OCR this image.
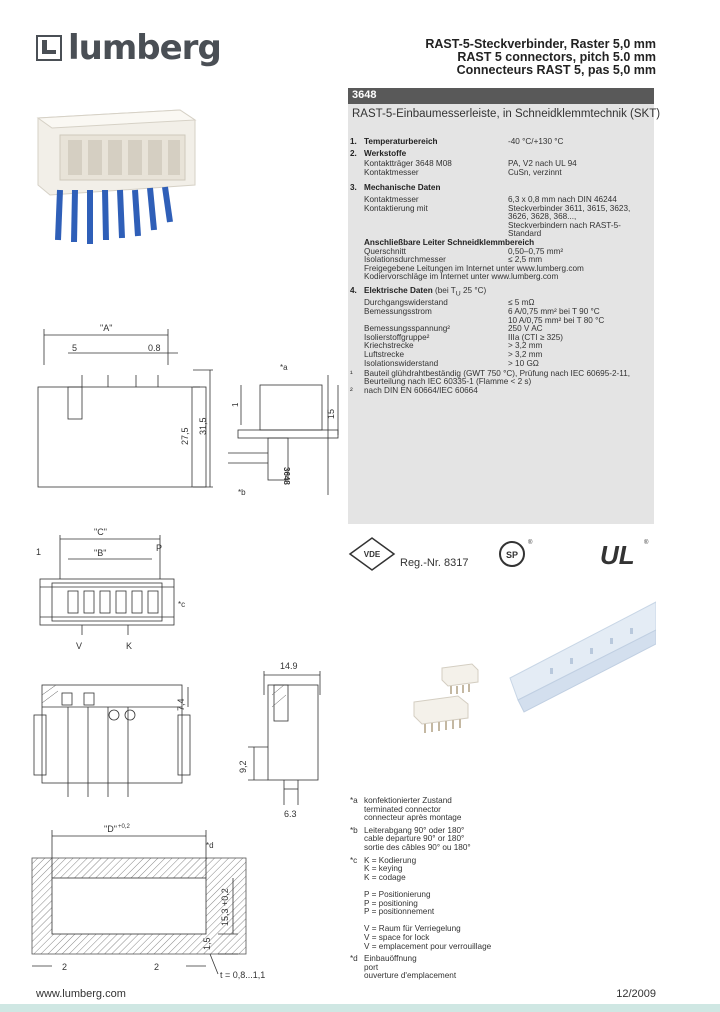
lumberg	RAST-5-Steckverbinder, Raster 5,0 mm
RAST 5 connectors, pitch 5.0 mm
Connecteurs RAST 5, pas 5,0 mm
3648
RAST-5-Einbaumesserleiste, in Schneidklemmtechnik (SKT)
1. Temperaturbereich	-40 °C/+130 °C
2. Werkstoffe
Kontaktträger 3648 M08	PA, V2 nach UL 94
Kontaktmesser	CuSn, verzinnt
3. Mechanische Daten
Kontaktmesser	6,3 x 0,8 mm nach DIN 46244
Kontaktierung mit	Steckverbinder 3611, 3615, 3623,
3626, 3628, 368...,
Steckverbindern nach RAST-5-
Standard
Anschließbare Leiter Schneidklemmbereich
Querschnitt	0,50–0,75 mm²
Isolationsdurchmesser	≤ 2,5 mm
Freigegebene Leitungen im Internet unter www.lumberg.com
Kodiervorschläge im Internet unter www.lumberg.com
4. Elektrische Daten (bei $T_U$ 25 °C)
Durchgangswiderstand	≤ 5 mΩ
Bemessungsstrom	6 A/0,75 mm² bei T 90 °C
10 A/0,75 mm² bei T 80 °C
Bemessungsspannung²	250 V AC
Isolierstoffgruppe²	IIIa (CTI ≥ 325)
Kriechstrecke	> 3,2 mm
Luftstrecke	> 3,2 mm
Isolationswiderstand	> 10 GΩ
¹ Bauteil glühdrahtbeständig (GWT 750 °C), Prüfung nach IEC 60695-2-11,
Beurteilung nach IEC 60335-1 (Flamme < 2 s)
² nach DIN EN 60664/IEC 60664
VDE
Reg.-Nr. 8317
SP
®	UL ®
"A"
5	0.8
27,5
31,5
*a
*b
1
15
3648
"C"
"B"
1	P
V	K
*c
14.9
7,4
9,2
6.3
"D" +0,2
*d
15,3 +0,2
1,5
2	2
t = 0,8...1,1
*a konfektionierter Zustand
terminated connector
connecteur après montage
*b Leiterabgang 90° oder 180°
cable departure 90° or 180°
sortie des câbles 90° ou 180°
*c K = Kodierung
K = keying
K = codage
P = Positionierung
P = positioning
P = positionnement
V = Raum für Verriegelung
V = space for lock
V = emplacement pour verrouillage
*d Einbauöffnung
port
ouverture d'emplacement
www.lumberg.com	12/2009
